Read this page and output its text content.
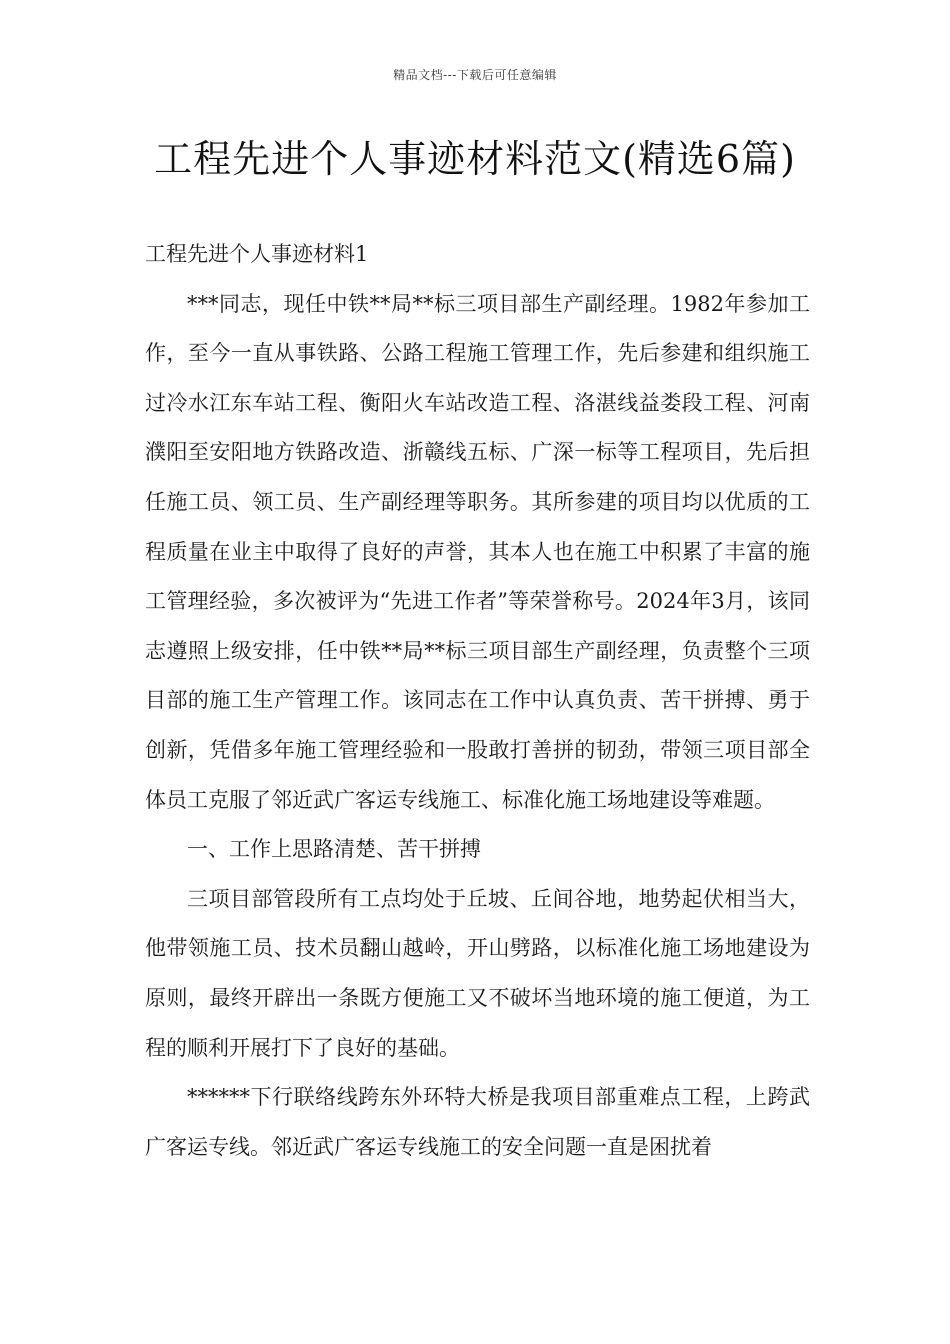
精品文档---下载后可任意编辑
工程先进个人事迹材料范文(精选6篇)
工程先进个人事迹材料1

***同志，现任中铁**局**标三项目部生产副经理。1982年参加工作，至今一直从事铁路、公路工程施工管理工作，先后参建和组织施工过冷水江东车站工程、衡阳火车站改造工程、洛湛线益娄段工程、河南濮阳至安阳地方铁路改造、浙赣线五标、广深一标等工程项目，先后担任施工员、领工员、生产副经理等职务。其所参建的项目均以优质的工程质量在业主中取得了良好的声誉，其本人也在施工中积累了丰富的施工管理经验，多次被评为“先进工作者”等荣誉称号。2024年3月，该同志遵照上级安排，任中铁**局**标三项目部生产副经理，负责整个三项目部的施工生产管理工作。该同志在工作中认真负责、苦干拼搏、勇于创新，凭借多年施工管理经验和一股敢打善拼的韧劲，带领三项目部全体员工克服了邻近武广客运专线施工、标准化施工场地建设等难题。

一、工作上思路清楚、苦干拼搏

三项目部管段所有工点均处于丘坡、丘间谷地，地势起伏相当大，他带领施工员、技术员翻山越岭，开山劈路，以标准化施工场地建设为原则，最终开辟出一条既方便施工又不破坏当地环境的施工便道，为工程的顺利开展打下了良好的基础。

******下行联络线跨东外环特大桥是我项目部重难点工程，上跨武广客运专线。邻近武广客运专线施工的安全问题一直是困扰着
